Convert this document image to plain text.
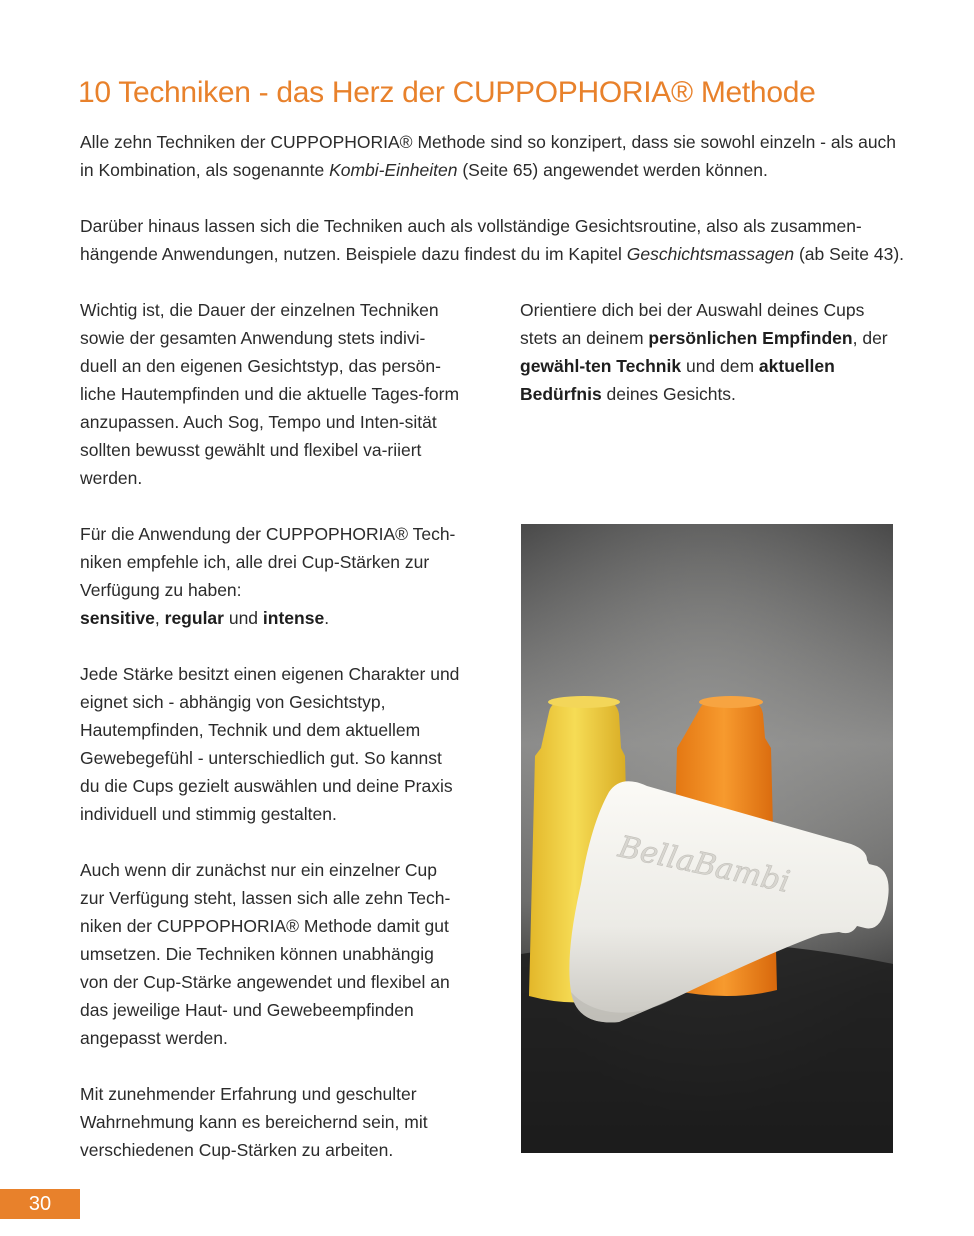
10 Techniken - das Herz der CUPPOPHORIA® Methode

Alle zehn Techniken der CUPPOPHORIA® Methode sind so konzipert, dass sie sowohl einzeln - als auch in Kombination, als sogenannte Kombi-Einheiten (Seite 65) angewendet werden können.

Darüber hinaus lassen sich die Techniken auch als vollständige Gesichtsroutine, also als zusammen-hängende Anwendungen, nutzen. Beispiele dazu findest du im Kapitel Geschichtsmassagen (ab Seite 43).

Wichtig ist, die Dauer der einzelnen Techniken sowie der gesamten Anwendung stets indivi-duell an den eigenen Gesichtstyp, das persön-liche Hautempfinden und die aktuelle Tages-form anzupassen. Auch Sog, Tempo und Inten-sität sollten bewusst gewählt und flexibel va-riiert werden.

Für die Anwendung der CUPPOPHORIA® Tech-niken empfehle ich, alle drei Cup-Stärken zur Verfügung zu haben:
sensitive, regular und intense.

Jede Stärke besitzt einen eigenen Charakter und eignet sich - abhängig von Gesichtstyp, Hautempfinden, Technik und dem aktuellem Gewebegefühl - unterschiedlich gut. So kannst du die Cups gezielt auswählen und deine Praxis individuell und stimmig gestalten.

Auch wenn dir zunächst nur ein einzelner Cup zur Verfügung steht, lassen sich alle zehn Tech-niken der CUPPOPHORIA® Methode damit gut umsetzen. Die Techniken können unabhängig von der Cup-Stärke angewendet und flexibel an das jeweilige Haut- und Gewebeempfinden angepasst werden.

Mit zunehmender Erfahrung und geschulter Wahrnehmung kann es bereichernd sein, mit verschiedenen Cup-Stärken zu arbeiten.

Orientiere dich bei der Auswahl deines Cups stets an deinem persönlichen Empfinden, der gewähl-ten Technik und dem aktuellen Bedürfnis deines Gesichts.

BellaBambi
30
